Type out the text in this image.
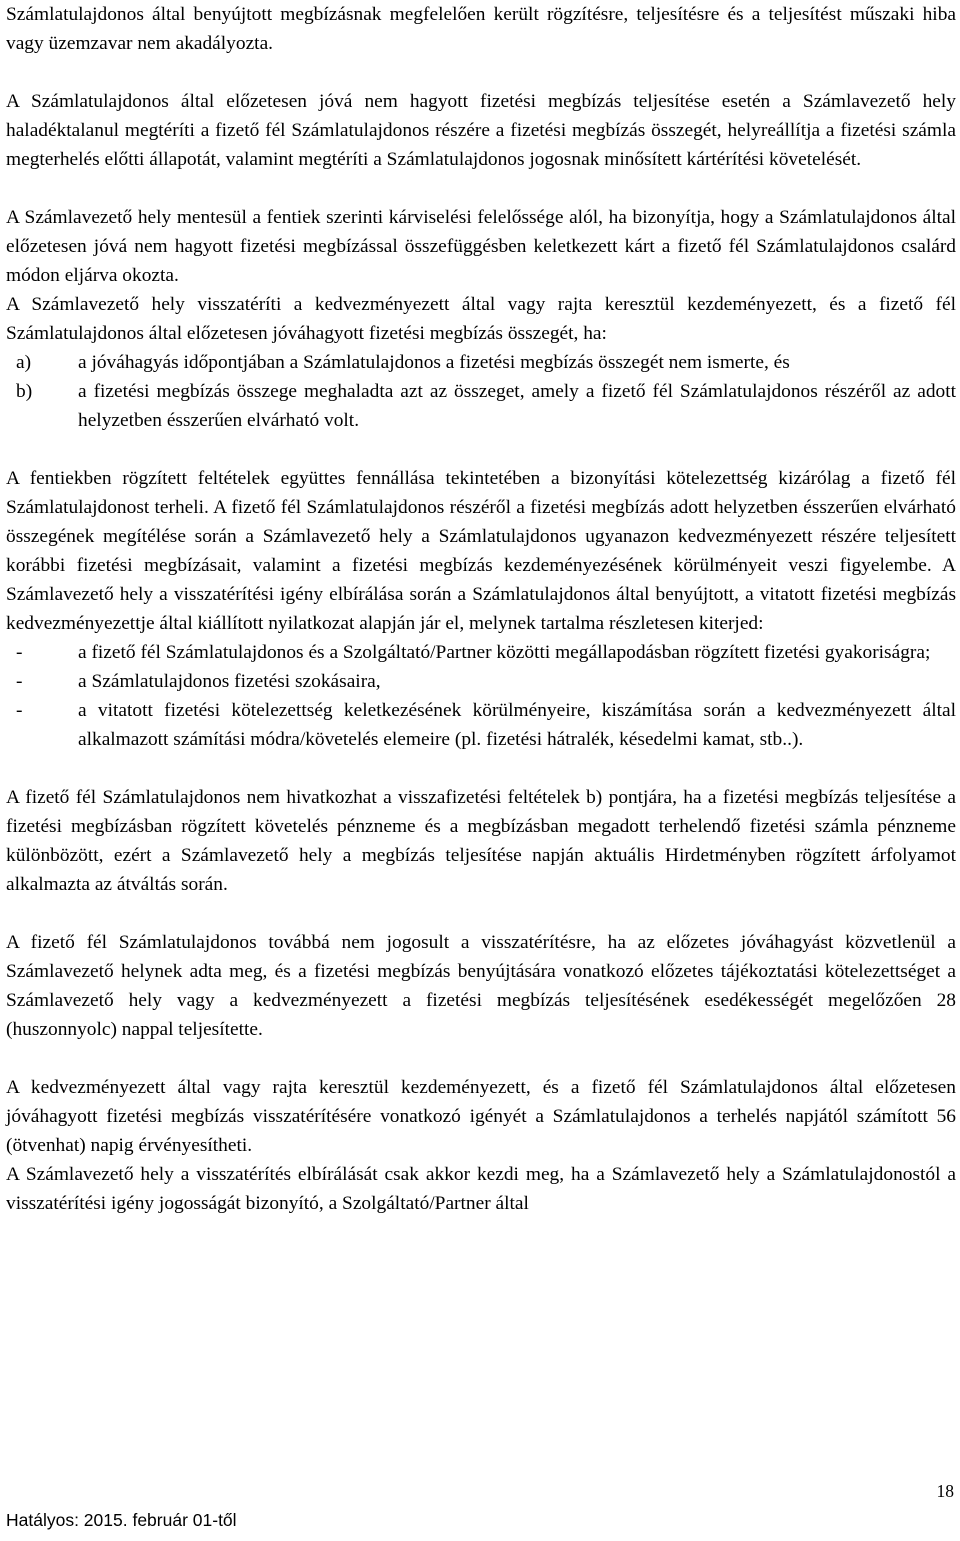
Számlatulajdonos által benyújtott megbízásnak megfelelően került rögzítésre, teljesítésre és a teljesítést műszaki hiba vagy üzemzavar nem akadályozta.

A Számlatulajdonos által előzetesen jóvá nem hagyott fizetési megbízás teljesítése esetén a Számlavezető hely haladéktalanul megtéríti a fizető fél Számlatulajdonos részére a fizetési megbízás összegét, helyreállítja a fizetési számla megterhelés előtti állapotát, valamint megtéríti a Számlatulajdonos jogosnak minősített kártérítési követelését.

A Számlavezető hely mentesül a fentiek szerinti kárviselési felelőssége alól, ha bizonyítja, hogy a Számlatulajdonos által előzetesen jóvá nem hagyott fizetési megbízással összefüggésben keletkezett kárt a fizető fél Számlatulajdonos csalárd módon eljárva okozta.

A Számlavezető hely visszatéríti a kedvezményezett által vagy rajta keresztül kezdeményezett, és a fizető fél Számlatulajdonos által előzetesen jóváhagyott fizetési megbízás összegét, ha:

a)	a jóváhagyás időpontjában a Számlatulajdonos a fizetési megbízás összegét nem ismerte, és
b)	a fizetési megbízás összege meghaladta azt az összeget, amely a fizető fél Számlatulajdonos részéről az adott helyzetben ésszerűen elvárható volt.

A fentiekben rögzített feltételek együttes fennállása tekintetében a bizonyítási kötelezettség kizárólag a fizető fél Számlatulajdonost terheli. A fizető fél Számlatulajdonos részéről a fizetési megbízás adott helyzetben ésszerűen elvárható összegének megítélése során a Számlavezető hely a Számlatulajdonos ugyanazon kedvezményezett részére teljesített korábbi fizetési megbízásait, valamint a fizetési megbízás kezdeményezésének körülményeit veszi figyelembe. A Számlavezető hely a visszatérítési igény elbírálása során a Számlatulajdonos által benyújtott, a vitatott fizetési megbízás kedvezményezettje által kiállított nyilatkozat alapján jár el, melynek tartalma részletesen kiterjed:

-	a fizető fél Számlatulajdonos és a Szolgáltató/Partner közötti megállapodásban rögzített fizetési gyakoriságra;
-	a Számlatulajdonos fizetési szokásaira,
-	a vitatott fizetési kötelezettség keletkezésének körülményeire, kiszámítása során a kedvezményezett által alkalmazott számítási módra/követelés elemeire (pl. fizetési hátralék, késedelmi kamat, stb..).

A fizető fél Számlatulajdonos nem hivatkozhat a visszafizetési feltételek b) pontjára, ha a fizetési megbízás teljesítése a fizetési megbízásban rögzített követelés pénzneme és a megbízásban megadott terhelendő fizetési számla pénzneme különbözött, ezért a Számlavezető hely a megbízás teljesítése napján aktuális Hirdetményben rögzített árfolyamot alkalmazta az átváltás során.

A fizető fél Számlatulajdonos továbbá nem jogosult a visszatérítésre, ha az előzetes jóváhagyást közvetlenül a Számlavezető helynek adta meg, és a fizetési megbízás benyújtására vonatkozó előzetes tájékoztatási kötelezettséget a Számlavezető hely vagy a kedvezményezett a fizetési megbízás teljesítésének esedékességét megelőzően 28 (huszonnyolc) nappal teljesítette.

A kedvezményezett által vagy rajta keresztül kezdeményezett, és a fizető fél Számlatulajdonos által előzetesen jóváhagyott fizetési megbízás visszatérítésére vonatkozó igényét a Számlatulajdonos a terhelés napjától számított 56 (ötvenhat) napig érvényesítheti.

A Számlavezető hely a visszatérítés elbírálását csak akkor kezdi meg, ha a Számlavezető hely a Számlatulajdonostól a visszatérítési igény jogosságát bizonyító, a Szolgáltató/Partner által

18
Hatályos: 2015. február 01-től
